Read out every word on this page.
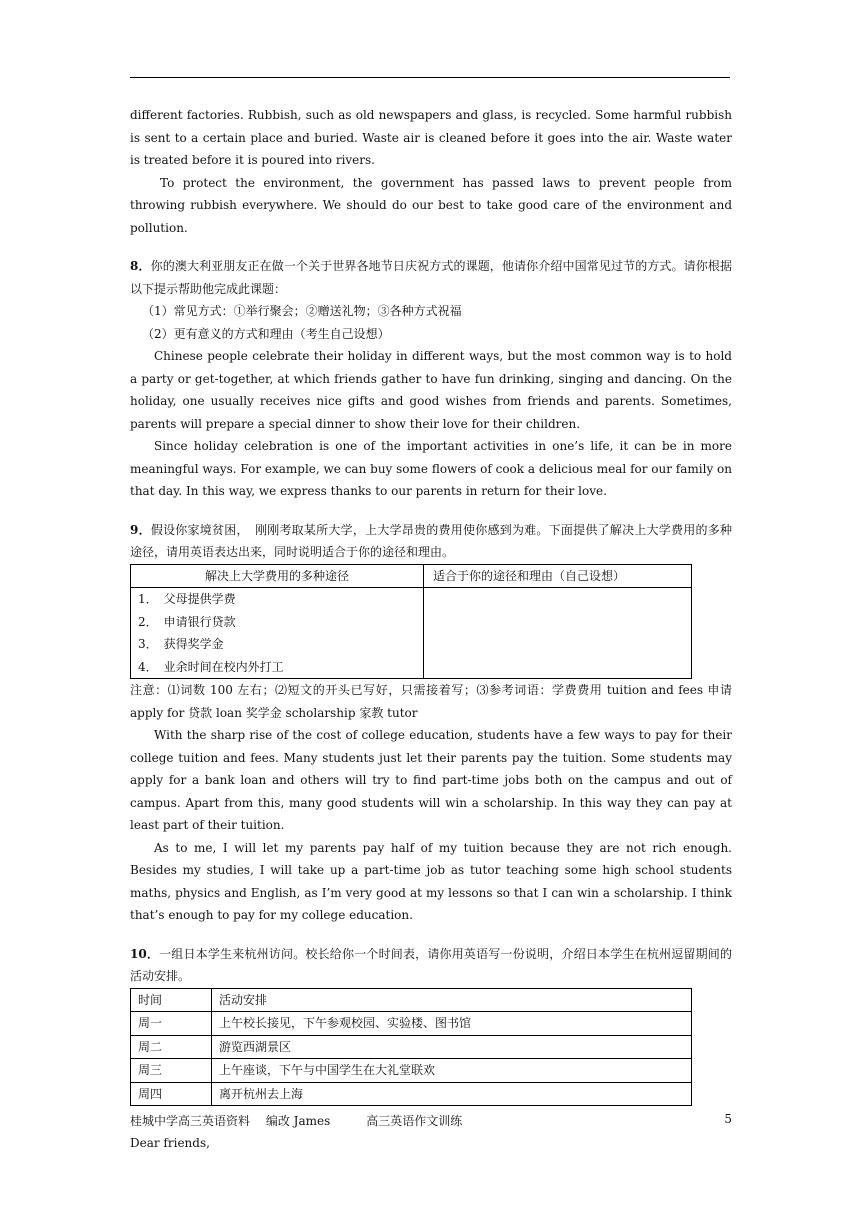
different factories. Rubbish, such as old newspapers and glass, is recycled. Some harmful rubbish is sent to a certain place and buried. Waste air is cleaned before it goes into the air. Waste water is treated before it is poured into rivers.

To protect the environment, the government has passed laws to prevent people from throwing rubbish everywhere. We should do our best to take good care of the environment and pollution.

8．你的澳大利亚朋友正在做一个关于世界各地节日庆祝方式的课题，他请你介绍中国常见过节的方式。请你根据以下提示帮助他完成此课题：

（1）常见方式：①举行聚会；②赠送礼物；③各种方式祝福

（2）更有意义的方式和理由（考生自己设想）

Chinese people celebrate their holiday in different ways, but the most common way is to hold a party or get-together, at which friends gather to have fun drinking, singing and dancing. On the holiday, one usually receives nice gifts and good wishes from friends and parents. Sometimes, parents will prepare a special dinner to show their love for their children.

Since holiday celebration is one of the important activities in one’s life, it can be in more meaningful ways. For example, we can buy some flowers of cook a delicious meal for our family on that day. In this way, we express thanks to our parents in return for their love.

9．假设你家境贫困，　刚刚考取某所大学，上大学昂贵的费用使你感到为难。下面提供了解决上大学费用的多种途径，请用英语表达出来，同时说明适合于你的途径和理由。

解决上大学费用的多种途径	适合于你的途径和理由（自己设想）

1．　父母提供学费
2．　申请银行贷款
3．　获得奖学金
4．　业余时间在校内外打工	

注意：⑴词数 100 左右；⑵短文的开头已写好，只需接着写；⑶参考词语：学费费用 tuition and fees 申请apply for 贷款 loan 奖学金 scholarship 家教 tutor

With the sharp rise of the cost of college education, students have a few ways to pay for their college tuition and fees. Many students just let their parents pay the tuition. Some students may apply for a bank loan and others will try to find part-time jobs both on the campus and out of campus. Apart from this, many good students will win a scholarship. In this way they can pay at least part of their tuition.

As to me, I will let my parents pay half of my tuition because they are not rich enough. Besides my studies, I will take up a part-time job as tutor teaching some high school students maths, physics and English, as I’m very good at my lessons so that I can win a scholarship. I think that’s enough to pay for my college education.

10．一组日本学生来杭州访问。校长给你一个时间表，请你用英语写一份说明，介绍日本学生在杭州逗留期间的活动安排。

时间	活动安排
周一	上午校长接见，下午参观校园、实验楼、图书馆
周二	游览西湖景区
周三	上午座谈，下午与中国学生在大礼堂联欢
周四	离开杭州去上海

Dear friends,

桂城中学高三英语资料　 编改 James　　　高三英语作文训练	5
